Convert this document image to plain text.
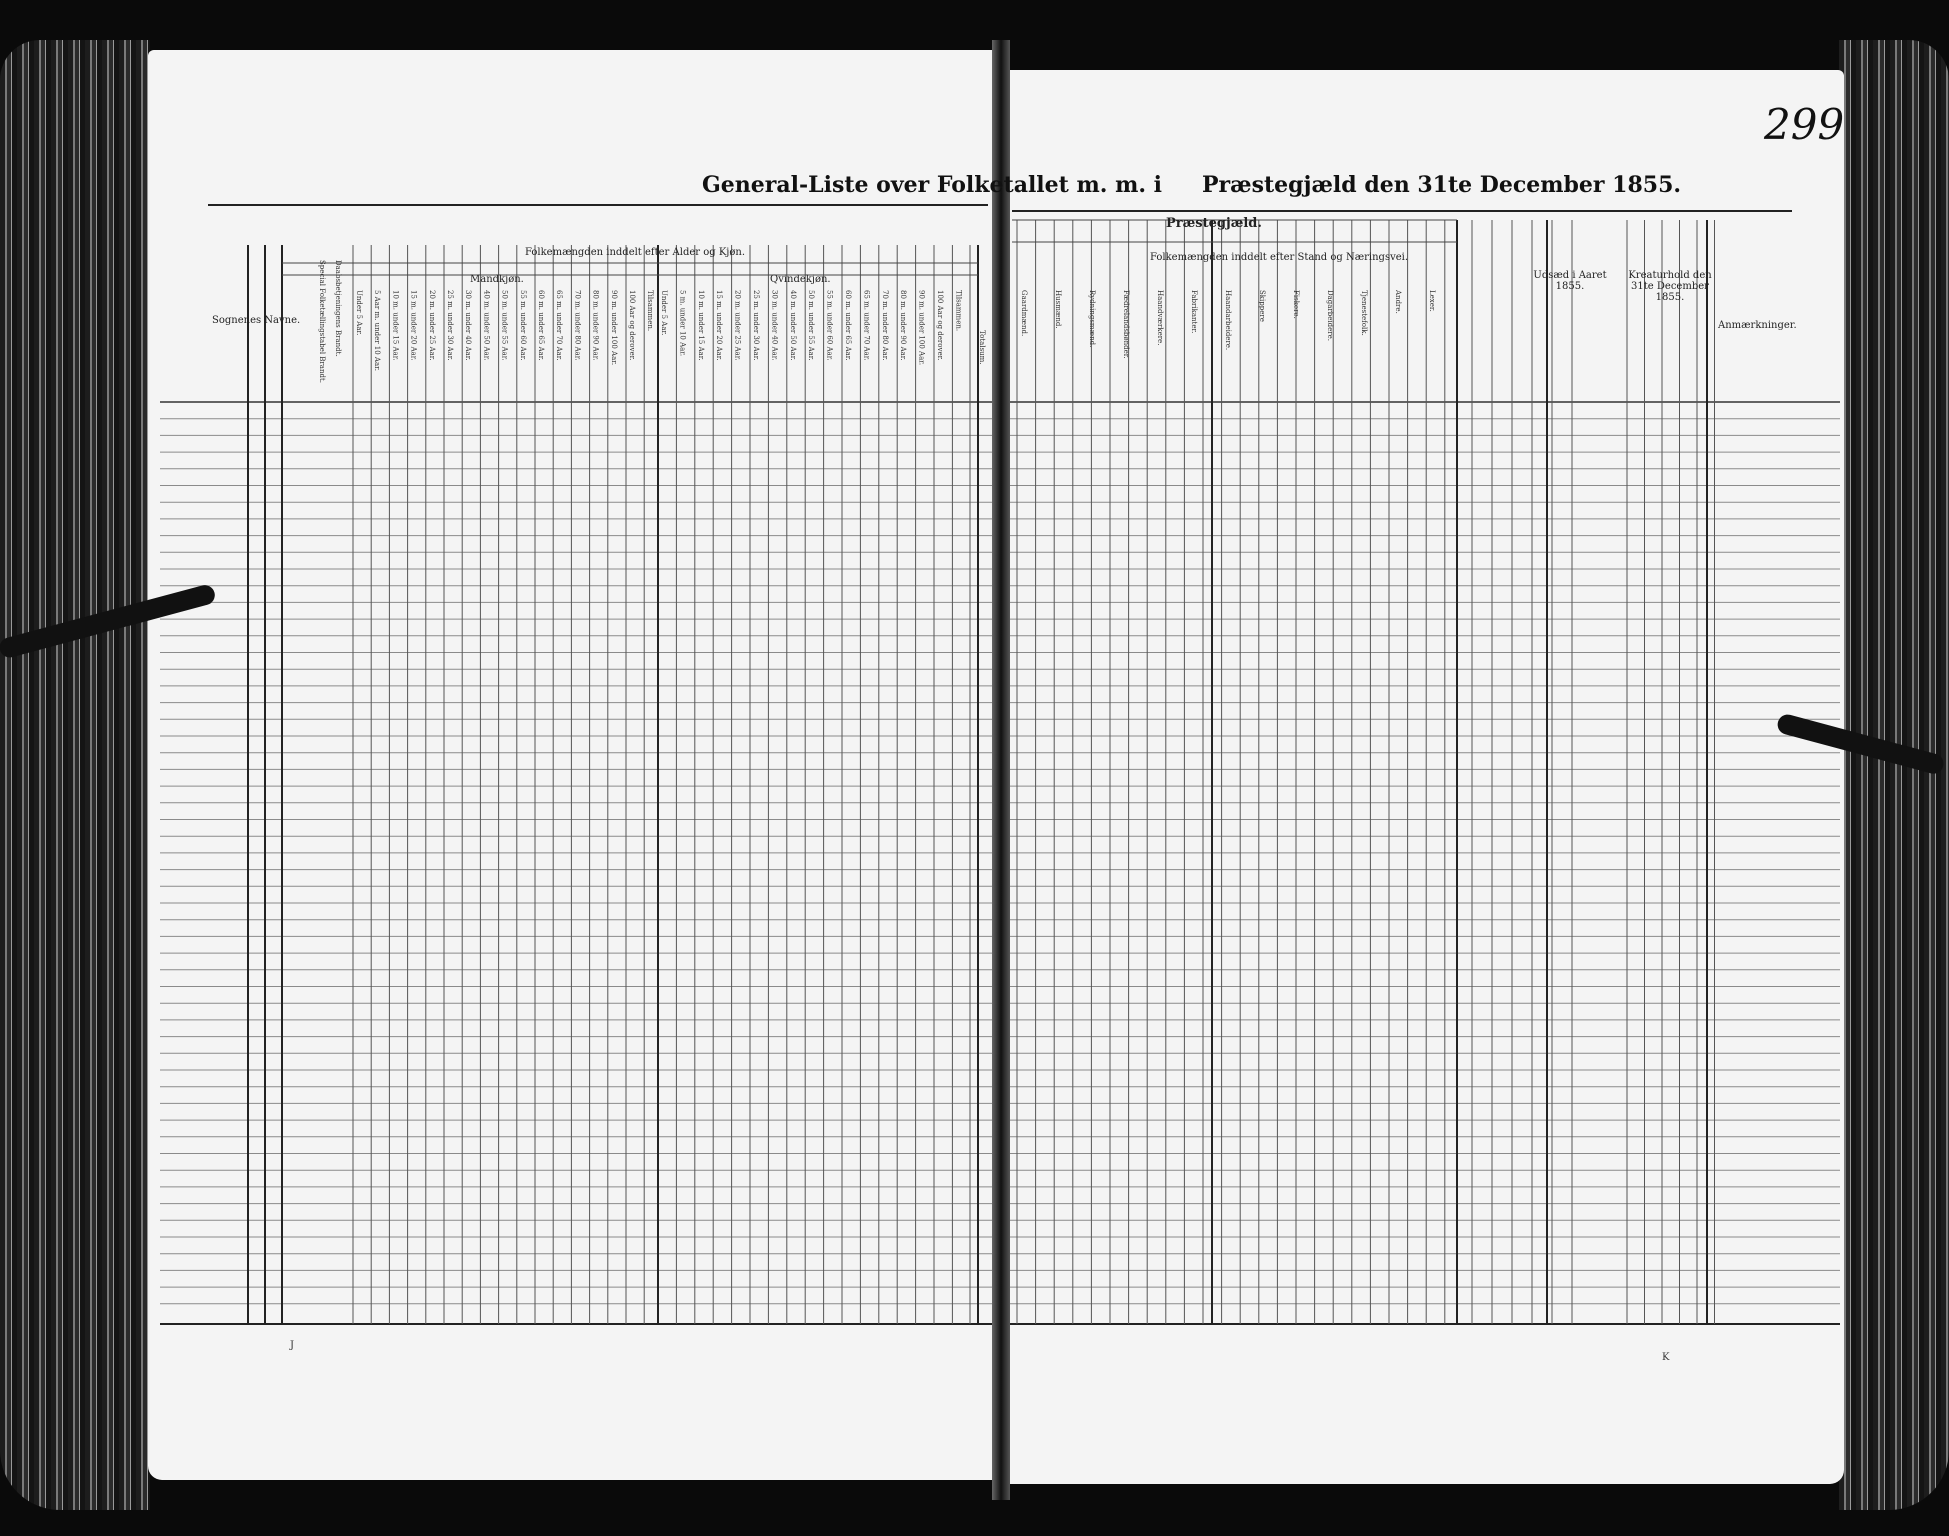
General-Liste over Folketallet m. m. i Præstegjæld den 31te December 1855.
Præstegjæld.
299
Sognenes Navne.	Special Folketællingstabel Brandt. Daabsbetjeningens Brandt.
Folkemængden inddelt efter Alder og Kjøn.
Mandkjøn.	Qvindekjøn.
Totalsum.
Under 5 Aar. 5 Aar m. under 10 Aar. 10 m. under 15 Aar. 15 m. under 20 Aar. 20 m. under 25 Aar. 25 m. under 30 Aar. 30 m. under 40 Aar. 40 m. under 50 Aar. 50 m. under 55 Aar. 55 m. under 60 Aar. 60 m. under 65 Aar. 65 m. under 70 Aar. 70 m. under 80 Aar. 80 m. under 90 Aar. 90 m. under 100 Aar. 100 Aar og derover. Tilsammen. Under 5 Aar. 5 m. under 10 Aar. 10 m. under 15 Aar. 15 m. under 20 Aar. 20 m. under 25 Aar. 25 m. under 30 Aar. 30 m. under 40 Aar. 40 m. under 50 Aar. 50 m. under 55 Aar. 55 m. under 60 Aar. 60 m. under 65 Aar. 65 m. under 70 Aar. 70 m. under 80 Aar. 80 m. under 90 Aar. 90 m. under 100 Aar. 100 Aar og derover. Tilsammen.
Folkemængden inddelt efter Stand og Næringsvei.
Gaardmænd.	Husmænd.	Rydningsmænd.	Fædrelandsbønder.	Haandværkere.	Fabrikanter.	Haandarbeidere.	Skippere	Fiskere.	Dagarbeidere.	Tjenestefolk.	Andre.	Lexer.
Udsæd i Aaret 1855.
Kreaturhold den 31te December 1855.
Anmærkninger.
J
K
